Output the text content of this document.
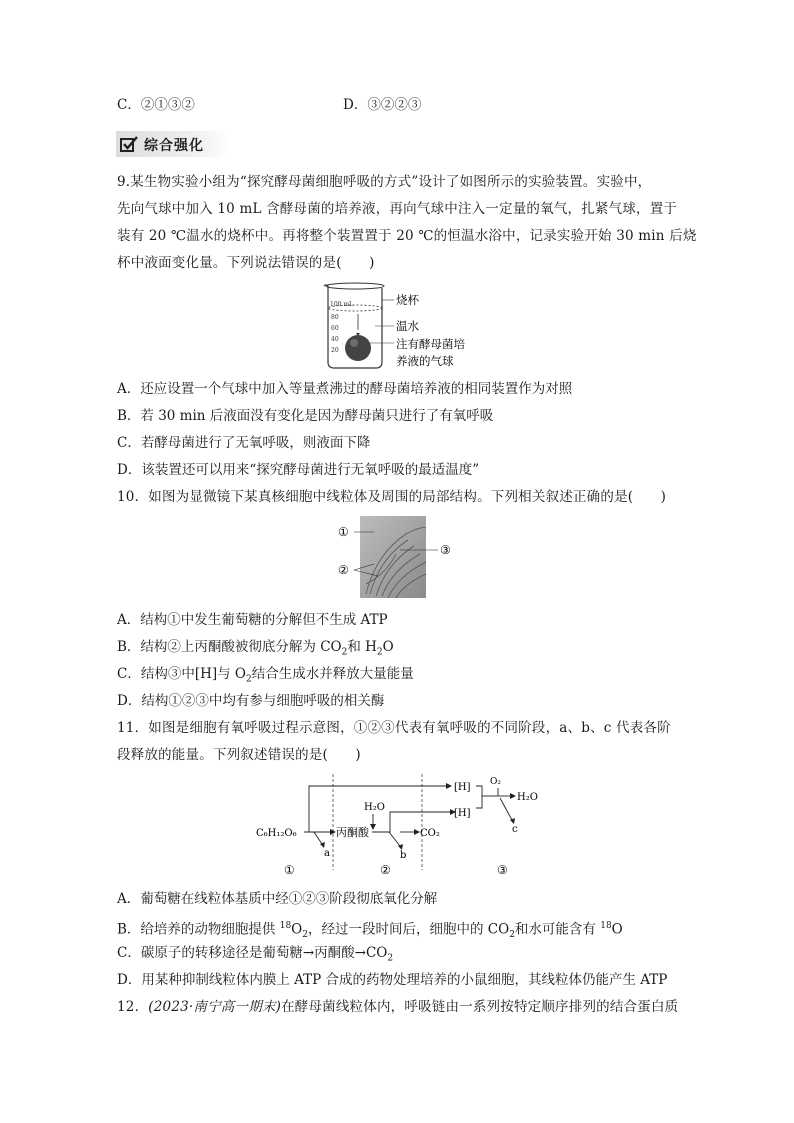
C．②①③②	D．③②②③
综合强化
9.某生物实验小组为“探究酵母菌细胞呼吸的方式”设计了如图所示的实验装置。实验中，
先向气球中加入 10 mL 含酵母菌的培养液，再向气球中注入一定量的氧气，扎紧气球，置于
装有 20 ℃温水的烧杯中。再将整个装置置于 20 ℃的恒温水浴中，记录实验开始 30 min 后烧
杯中液面变化量。下列说法错误的是(　　)
100 mL
80
60
40
20
烧杯
温水
注有酵母菌培
养液的气球
A．还应设置一个气球中加入等量煮沸过的酵母菌培养液的相同装置作为对照
B．若 30 min 后液面没有变化是因为酵母菌只进行了有氧呼吸
C．若酵母菌进行了无氧呼吸，则液面下降
D．该装置还可以用来“探究酵母菌进行无氧呼吸的最适温度”
10．如图为显微镜下某真核细胞中线粒体及周围的局部结构。下列相关叙述正确的是(　　)
①
②
③
A．结构①中发生葡萄糖的分解但不生成 ATP
B．结构②上丙酮酸被彻底分解为 $CO_2$和 $H_2O$
C．结构③中[H]与 $O_2$结合生成水并释放大量能量
D．结构①②③中均有参与细胞呼吸的相关酶
11．如图是细胞有氧呼吸过程示意图，①②③代表有氧呼吸的不同阶段，a、b、c 代表各阶
段释放的能量。下列叙述错误的是(　　)
C₆H₁₂O₆	丙酮酸
H₂O
CO₂
[H]
[H]
O₂
H₂O
a	b
c
①	②	③
A．葡萄糖在线粒体基质中经①②③阶段彻底氧化分解
B．给培养的动物细胞提供 $^{18}O_2$，经过一段时间后，细胞中的 $CO_2$和水可能含有 $^{18}$O
C．碳原子的转移途径是葡萄糖→丙酮酸$\to CO_2$
D．用某种抑制线粒体内膜上 ATP 合成的药物处理培养的小鼠细胞，其线粒体仍能产生 ATP
12．(2023·南宁高一期末)在酵母菌线粒体内，呼吸链由一系列按特定顺序排列的结合蛋白质
